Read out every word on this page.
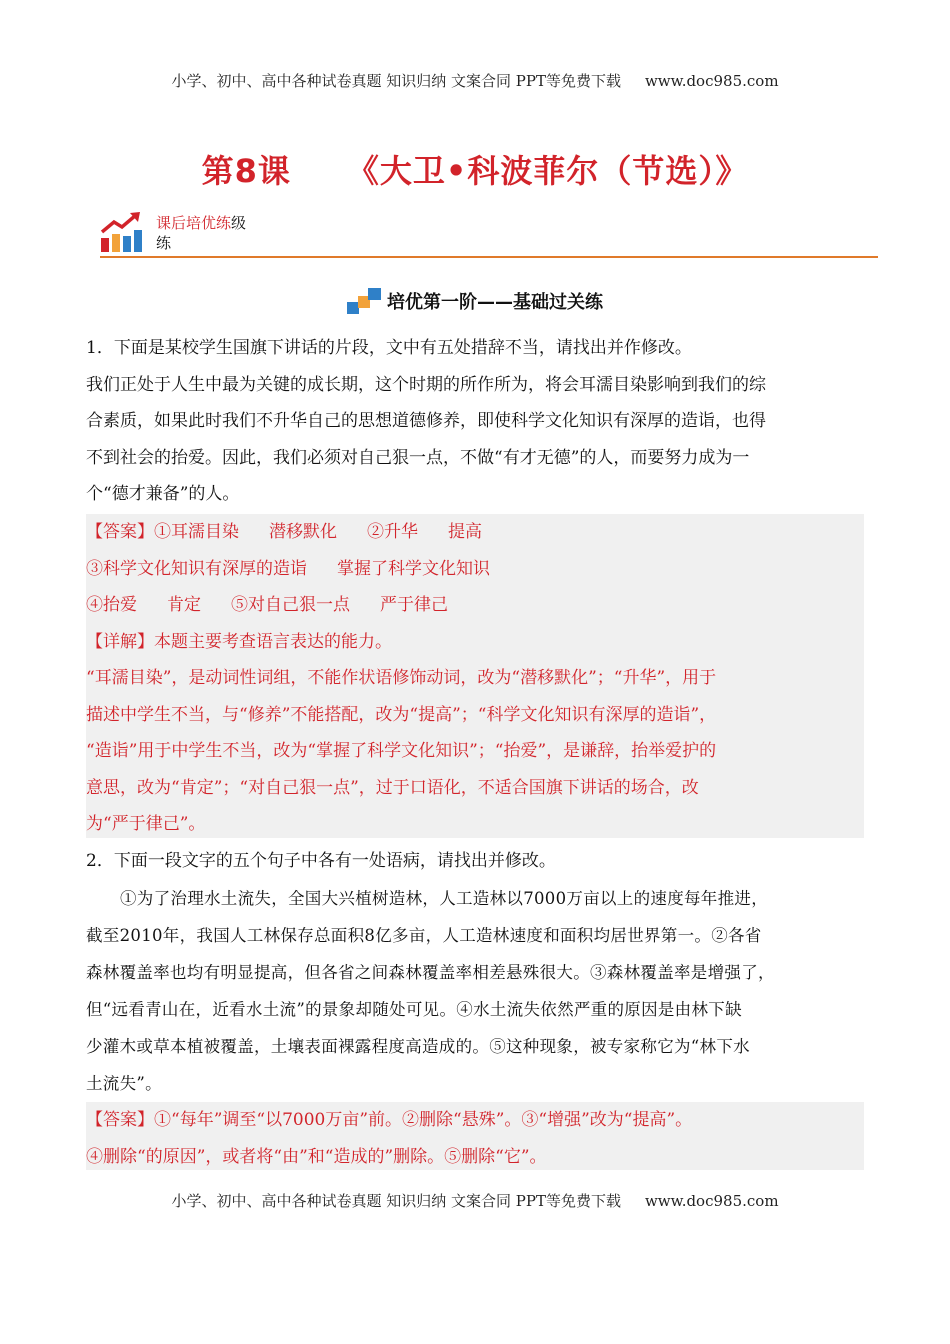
小学、初中、高中各种试卷真题 知识归纳 文案合同 PPT等免费下载 www.doc985.com
第8课 《大卫•科波菲尔（节选）》
课后培优练级
练
培优第一阶——基础过关练
1．下面是某校学生国旗下讲话的片段，文中有五处措辞不当，请找出并作修改。
我们正处于人生中最为关键的成长期，这个时期的所作所为，将会耳濡目染影响到我们的综
合素质，如果此时我们不升华自己的思想道德修养，即使科学文化知识有深厚的造诣，也得
不到社会的抬爱。因此，我们必须对自己狠一点，不做“有才无德”的人，而要努力成为一
个“德才兼备”的人。
【答案】①耳濡目染 潜移默化 ②升华 提高
③科学文化知识有深厚的造诣 掌握了科学文化知识
④抬爱 肯定 ⑤对自己狠一点 严于律己
【详解】本题主要考查语言表达的能力。
“耳濡目染”，是动词性词组，不能作状语修饰动词，改为“潜移默化”；“升华”，用于
描述中学生不当，与“修养”不能搭配，改为“提高”；“科学文化知识有深厚的造诣”，
“造诣”用于中学生不当，改为“掌握了科学文化知识”；“抬爱”，是谦辞，抬举爱护的
意思，改为“肯定”；“对自己狠一点”，过于口语化，不适合国旗下讲话的场合，改
为“严于律己”。
2．下面一段文字的五个句子中各有一处语病，请找出并修改。
①为了治理水土流失，全国大兴植树造林，人工造林以7000万亩以上的速度每年推进，
截至2010年，我国人工林保存总面积8亿多亩，人工造林速度和面积均居世界第一。②各省
森林覆盖率也均有明显提高，但各省之间森林覆盖率相差悬殊很大。③森林覆盖率是增强了，
但“远看青山在，近看水土流”的景象却随处可见。④水土流失依然严重的原因是由林下缺
少灌木或草本植被覆盖，土壤表面裸露程度高造成的。⑤这种现象，被专家称它为“林下水
土流失”。
【答案】①“每年”调至“以7000万亩”前。②删除“悬殊”。③“增强”改为“提高”。
④删除“的原因”，或者将“由”和“造成的”删除。⑤删除“它”。
小学、初中、高中各种试卷真题 知识归纳 文案合同 PPT等免费下载 www.doc985.com
